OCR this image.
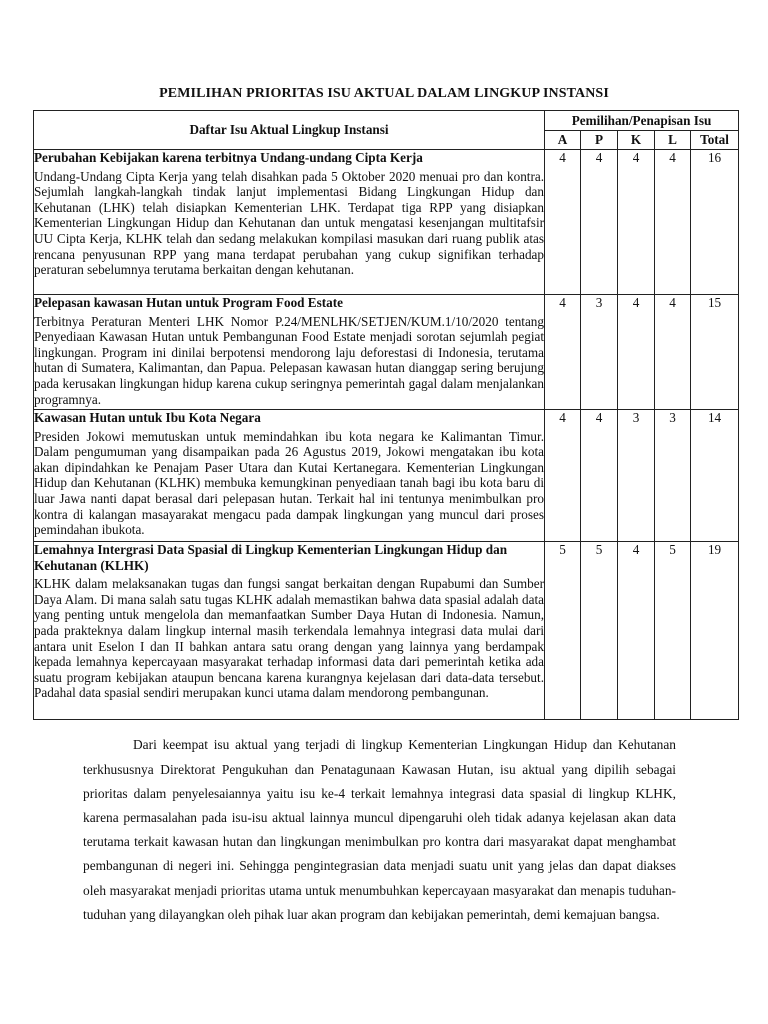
PEMILIHAN PRIORITAS ISU AKTUAL DALAM LINGKUP INSTANSI
Daftar Isu Aktual Lingkup Instansi	Pemilihan/Penapisan Isu				
	A	P	K	L	Total

Perubahan Kebijakan karena terbitnya Undang-undang Cipta Kerja
Undang-Undang Cipta Kerja yang telah disahkan pada 5 Oktober 2020 menuai pro dan kontra. Sejumlah langkah-langkah tindak lanjut implementasi Bidang Lingkungan Hidup dan Kehutanan (LHK) telah disiapkan Kementerian LHK. Terdapat tiga RPP yang disiapkan Kementerian Lingkungan Hidup dan Kehutanan dan untuk mengatasi kesenjangan multitafsir UU Cipta Kerja, KLHK telah dan sedang melakukan kompilasi masukan dari ruang publik atas rencana penyusunan RPP yang mana terdapat perubahan yang cukup signifikan terhadap peraturan sebelumnya terutama berkaitan dengan kehutanan.	4	4	4	4	16

Pelepasan kawasan Hutan untuk Program Food Estate
Terbitnya Peraturan Menteri LHK Nomor P.24/MENLHK/SETJEN/KUM.1/10/2020 tentang Penyediaan Kawasan Hutan untuk Pembangunan Food Estate menjadi sorotan sejumlah pegiat lingkungan. Program ini dinilai berpotensi mendorong laju deforestasi di Indonesia, terutama hutan di Sumatera, Kalimantan, dan Papua. Pelepasan kawasan hutan dianggap sering berujung pada kerusakan lingkungan hidup karena cukup seringnya pemerintah gagal dalam menjalankan programnya.	4	3	4	4	15

Kawasan Hutan untuk Ibu Kota Negara
Presiden Jokowi memutuskan untuk memindahkan ibu kota negara ke Kalimantan Timur. Dalam pengumuman yang disampaikan pada 26 Agustus 2019, Jokowi mengatakan ibu kota akan dipindahkan ke Penajam Paser Utara dan Kutai Kertanegara. Kementerian Lingkungan Hidup dan Kehutanan (KLHK) membuka kemungkinan penyediaan tanah bagi ibu kota baru di luar Jawa nanti dapat berasal dari pelepasan hutan. Terkait hal ini tentunya menimbulkan pro kontra di kalangan masayarakat mengacu pada dampak lingkungan yang muncul dari proses pemindahan ibukota.	4	4	3	3	14

Lemahnya Intergrasi Data Spasial di Lingkup Kementerian Lingkungan Hidup dan Kehutanan (KLHK)
KLHK dalam melaksanakan tugas dan fungsi sangat berkaitan dengan Rupabumi dan Sumber Daya Alam. Di mana salah satu tugas KLHK adalah memastikan bahwa data spasial adalah data yang penting untuk mengelola dan memanfaatkan Sumber Daya Hutan di Indonesia. Namun, pada prakteknya dalam lingkup internal masih terkendala lemahnya integrasi data mulai dari antara unit Eselon I dan II bahkan antara satu orang dengan yang lainnya yang berdampak kepada lemahnya kepercayaan masyarakat terhadap informasi data dari pemerintah ketika ada suatu program kebijakan ataupun bencana karena kurangnya kejelasan dari data-data tersebut. Padahal data spasial sendiri merupakan kunci utama dalam mendorong pembangunan.	5	5	4	5	19

Dari keempat isu aktual yang terjadi di lingkup Kementerian Lingkungan Hidup dan Kehutanan terkhususnya Direktorat Pengukuhan dan Penatagunaan Kawasan Hutan, isu aktual yang dipilih sebagai prioritas dalam penyelesaiannya yaitu isu ke-4 terkait lemahnya integrasi data spasial di lingkup KLHK, karena permasalahan pada isu-isu aktual lainnya muncul dipengaruhi oleh tidak adanya kejelasan akan data terutama terkait kawasan hutan dan lingkungan menimbulkan pro kontra dari masyarakat dapat menghambat pembangunan di negeri ini. Sehingga pengintegrasian data menjadi suatu unit yang jelas dan dapat diakses oleh masyarakat menjadi prioritas utama untuk menumbuhkan kepercayaan masyarakat dan menapis tuduhan-tuduhan yang dilayangkan oleh pihak luar akan program dan kebijakan pemerintah, demi kemajuan bangsa.
